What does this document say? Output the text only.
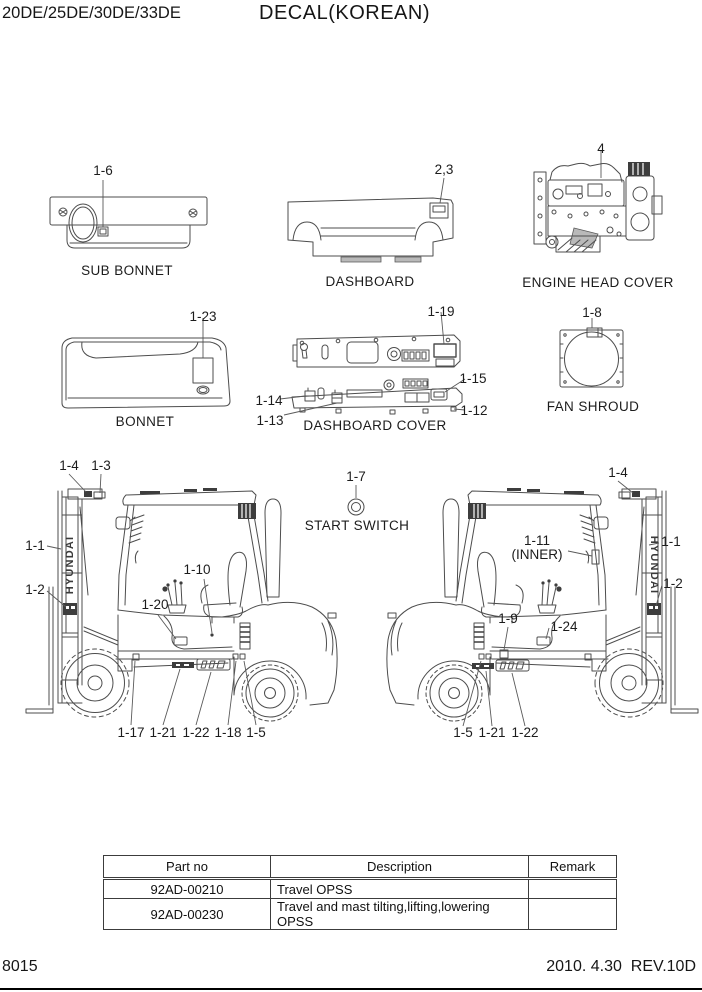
20DE/25DE/30DE/33DE	DECAL(KOREAN)
1-6
SUB BONNET
2,3
DASHBOARD
4
ENGINE HEAD COVER
1-23
BONNET
1-19
1-15
1-14
1-13
1-12
DASHBOARD COVER
1-8
FAN SHROUD
HYUNDAI	HYUNDAI
1-4 1-3
1-1
1-2
1-10
1-20
1-17 1-21 1-22 1-18 1-5
1-7
START SWITCH
1-4
1-1
1-2
1-11
(INNER)
1-9
1-24
1-5 1-21 1-22
Part no	Description	Remark
92AD-00210	Travel OPSS	
92AD-00230	Travel and mast tilting,lifting,lowering OPSS	
8015	2010. 4.30  REV.10D
